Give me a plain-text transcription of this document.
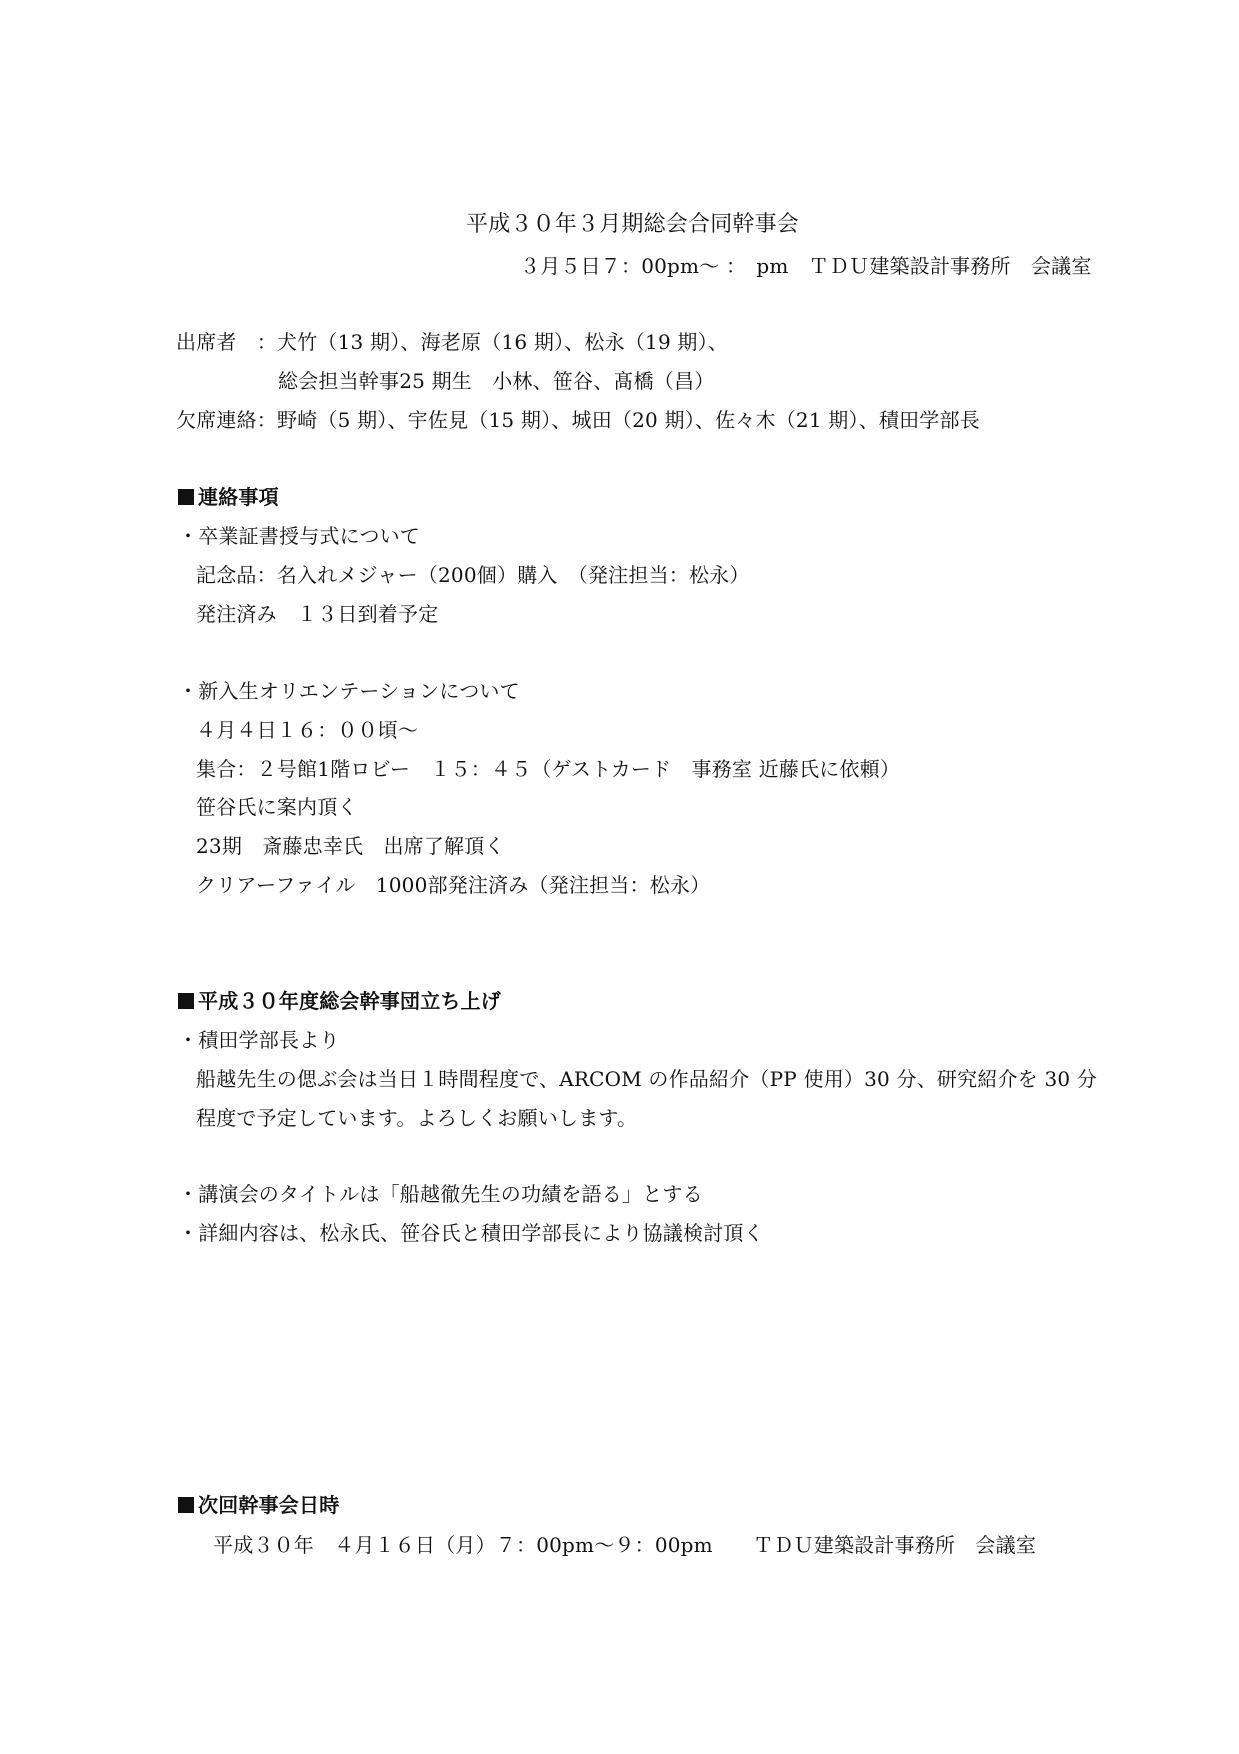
平成３０年３月期総会合同幹事会
３月５日７：00pm～ ：　pm　ＴＤＵ建築設計事務所　会議室
出席者　：犬竹（13 期）、海老原（16 期）、松永（19 期）、
総会担当幹事25 期生　小林、笹谷、髙橋（昌）
欠席連絡：野崎（5 期）、宇佐見（15 期）、城田（20 期）、佐々木（21 期）、積田学部長
連絡事項
・卒業証書授与式について
記念品：名入れメジャー（200個）購入　（発注担当：松永）
発注済み　１３日到着予定
・新入生オリエンテーションについて
４月４日１６：００頃～
集合：２号館1階ロビー　１５：４５（ゲストカード　事務室 近藤氏に依頼）
笹谷氏に案内頂く
23期　斎藤忠幸氏　出席了解頂く
クリアーファイル　1000部発注済み（発注担当：松永）
平成３０年度総会幹事団立ち上げ
・積田学部長より
船越先生の偲ぶ会は当日１時間程度で、ARCOM の作品紹介（PP 使用）30 分、研究紹介を 30 分
程度で予定しています。よろしくお願いします。
・講演会のタイトルは「船越徹先生の功績を語る」とする
・詳細内容は、松永氏、笹谷氏と積田学部長により協議検討頂く
次回幹事会日時
平成３０年　４月１６日（月）７：00pm～９：00pm　　ＴＤＵ建築設計事務所　会議室
